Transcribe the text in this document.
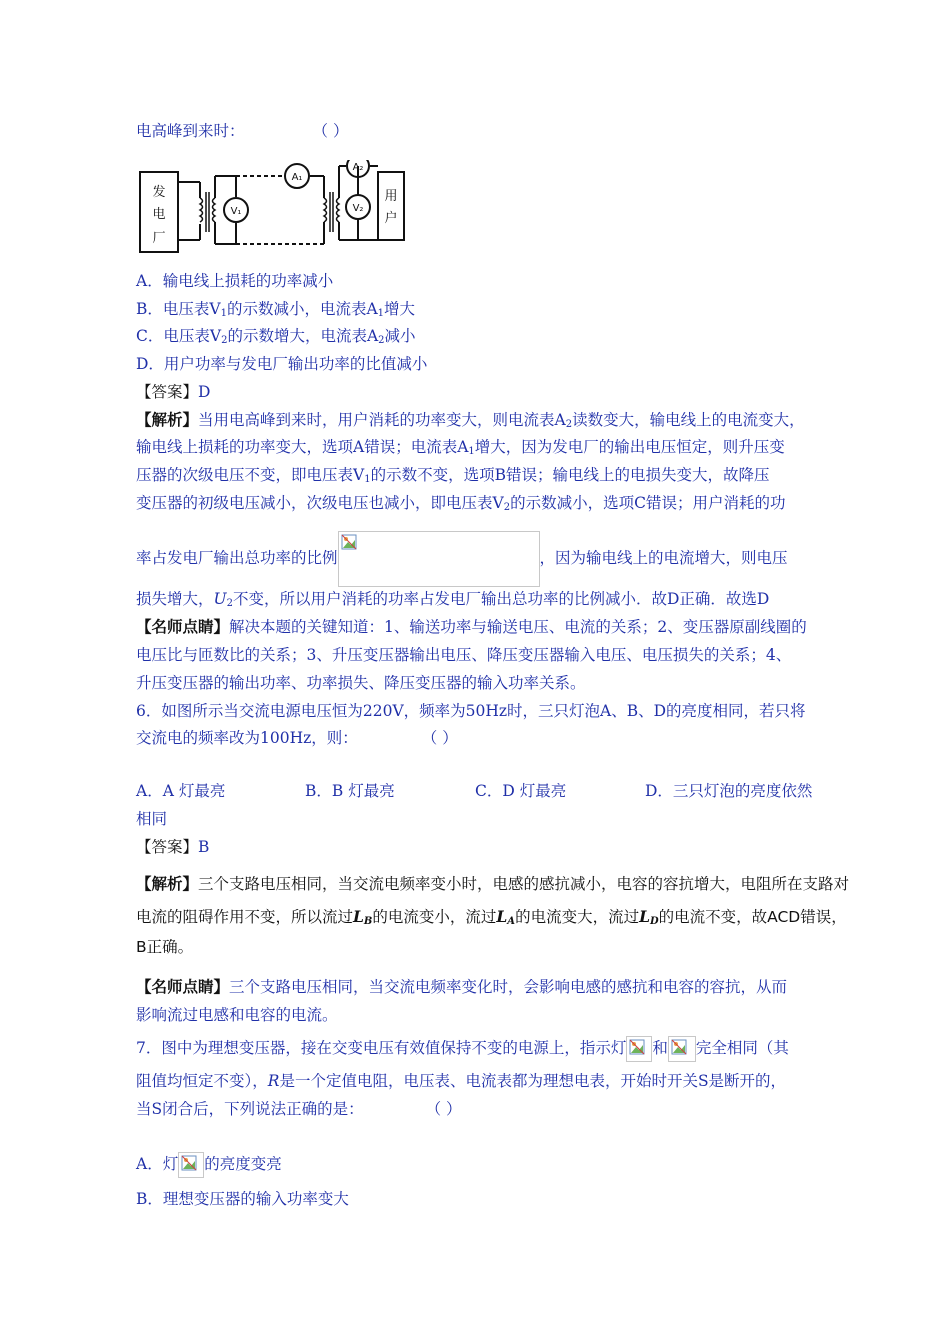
电高峰到来时：	（ ）
发
电
厂
用
户
V₁
A₁
A₂
V₂
A．输电线上损耗的功率减小
B．电压表$V_1$的示数减小，电流表$A_1$增大
C．电压表$V_2$的示数增大，电流表$A_2$减小
D．用户功率与发电厂输出功率的比值减小
【答案】D
【解析】当用电高峰到来时，用户消耗的功率变大，则电流表$A_2$读数变大，输电线上的电流变大，
输电线上损耗的功率变大，选项A错误；电流表$A_1$增大，因为发电厂的输出电压恒定，则升压变
压器的次级电压不变，即电压表$V_1$的示数不变，选项B错误；输电线上的电损失变大，故降压
变压器的初级电压减小，次级电压也减小，即电压表$V_2$的示数减小，选项C错误；用户消耗的功
率占发电厂输出总功率的比例	，因为输电线上的电流增大，则电压
损失增大，$U_2$不变，所以用户消耗的功率占发电厂输出总功率的比例减小．故D正确．故选D
【名师点睛】解决本题的关键知道：1、输送功率与输送电压、电流的关系；2、变压器原副线圈的
电压比与匝数比的关系；3、升压变压器输出电压、降压变压器输入电压、电压损失的关系；4、
升压变压器的输出功率、功率损失、降压变压器的输入功率关系。
6．如图所示当交流电源电压恒为220V，频率为50Hz时，三只灯泡A、B、D的亮度相同，若只将
交流电的频率改为100Hz，则：	（ ）
A．A 灯最亮	B．B 灯最亮	C．D 灯最亮	D．三只灯泡的亮度依然
相同
【答案】B
【解析】三个支路电压相同，当交流电频率变小时，电感的感抗减小，电容的容抗增大，电阻所在支路对
电流的阻碍作用不变，所以流过$L_B$的电流变小，流过$L_A$的电流变大，流过$L_D$的电流不变，故ACD错误，
B正确。
【名师点睛】三个支路电压相同，当交流电频率变化时，会影响电感的感抗和电容的容抗，从而
影响流过电感和电容的电流。
7．图中为理想变压器，接在交变电压有效值保持不变的电源上，指示灯 和 完全相同（其
阻值均恒定不变），R是一个定值电阻，电压表、电流表都为理想电表，开始时开关S是断开的，
当S闭合后，下列说法正确的是：	（ ）
A．灯 的亮度变亮
B．理想变压器的输入功率变大
